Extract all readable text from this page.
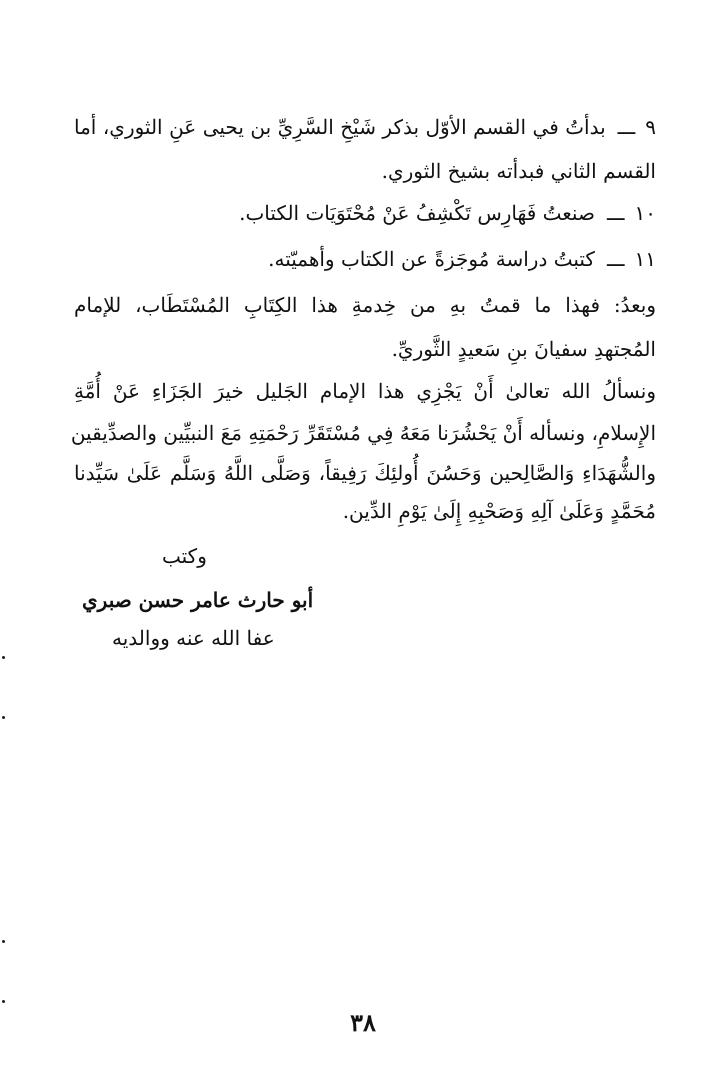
٩ـــبدأتُ في القسم الأوّل بذكر شَيْخِ السَّرِيِّ بن يحيى عَنِ الثوري، أما
القسم الثاني فبدأته بشيخ الثوري.
١٠ـــصنعتُ فَهَارِس تَكْشِفُ عَنْ مُحْتَوَيَات الكتاب.
١١ـــكتبتُ دراسة مُوجَزةً عن الكتاب وأهميّته.
وبعدُ: فهذا ما قمتُ بهِ من خِدمةِ هذا الكِتَابِ المُسْتَطَاب، للإمام
المُجتهدِ سفيانَ بنِ سَعيدٍ الثَّوريِّ.
ونسألُ الله تعالىٰ أَنْ يَجْزِي هذا الإمام الجَليل خيرَ الجَزَاءِ عَنْ أُمَّةِ
الإِسلامِ، ونسأله أَنْ يَحْشُرَنا مَعَهُ فِي مُسْتَقَرِّ رَحْمَتِهِ مَعَ النبيِّين والصدِّيقين
والشُّهَدَاءِ وَالصَّالِحين وَحَسُنَ أُولئِكَ رَفِيقاً، وَصَلَّى اللَّهُ وَسَلَّم عَلَىٰ سَيِّدنا
مُحَمَّدٍ وَعَلَىٰ آلِهِ وَصَحْبِهِ إِلَىٰ يَوْمِ الدِّين.
وكتب
أبو حارث عامر حسن صبري
عفا الله عنه ووالديه
٣٨
